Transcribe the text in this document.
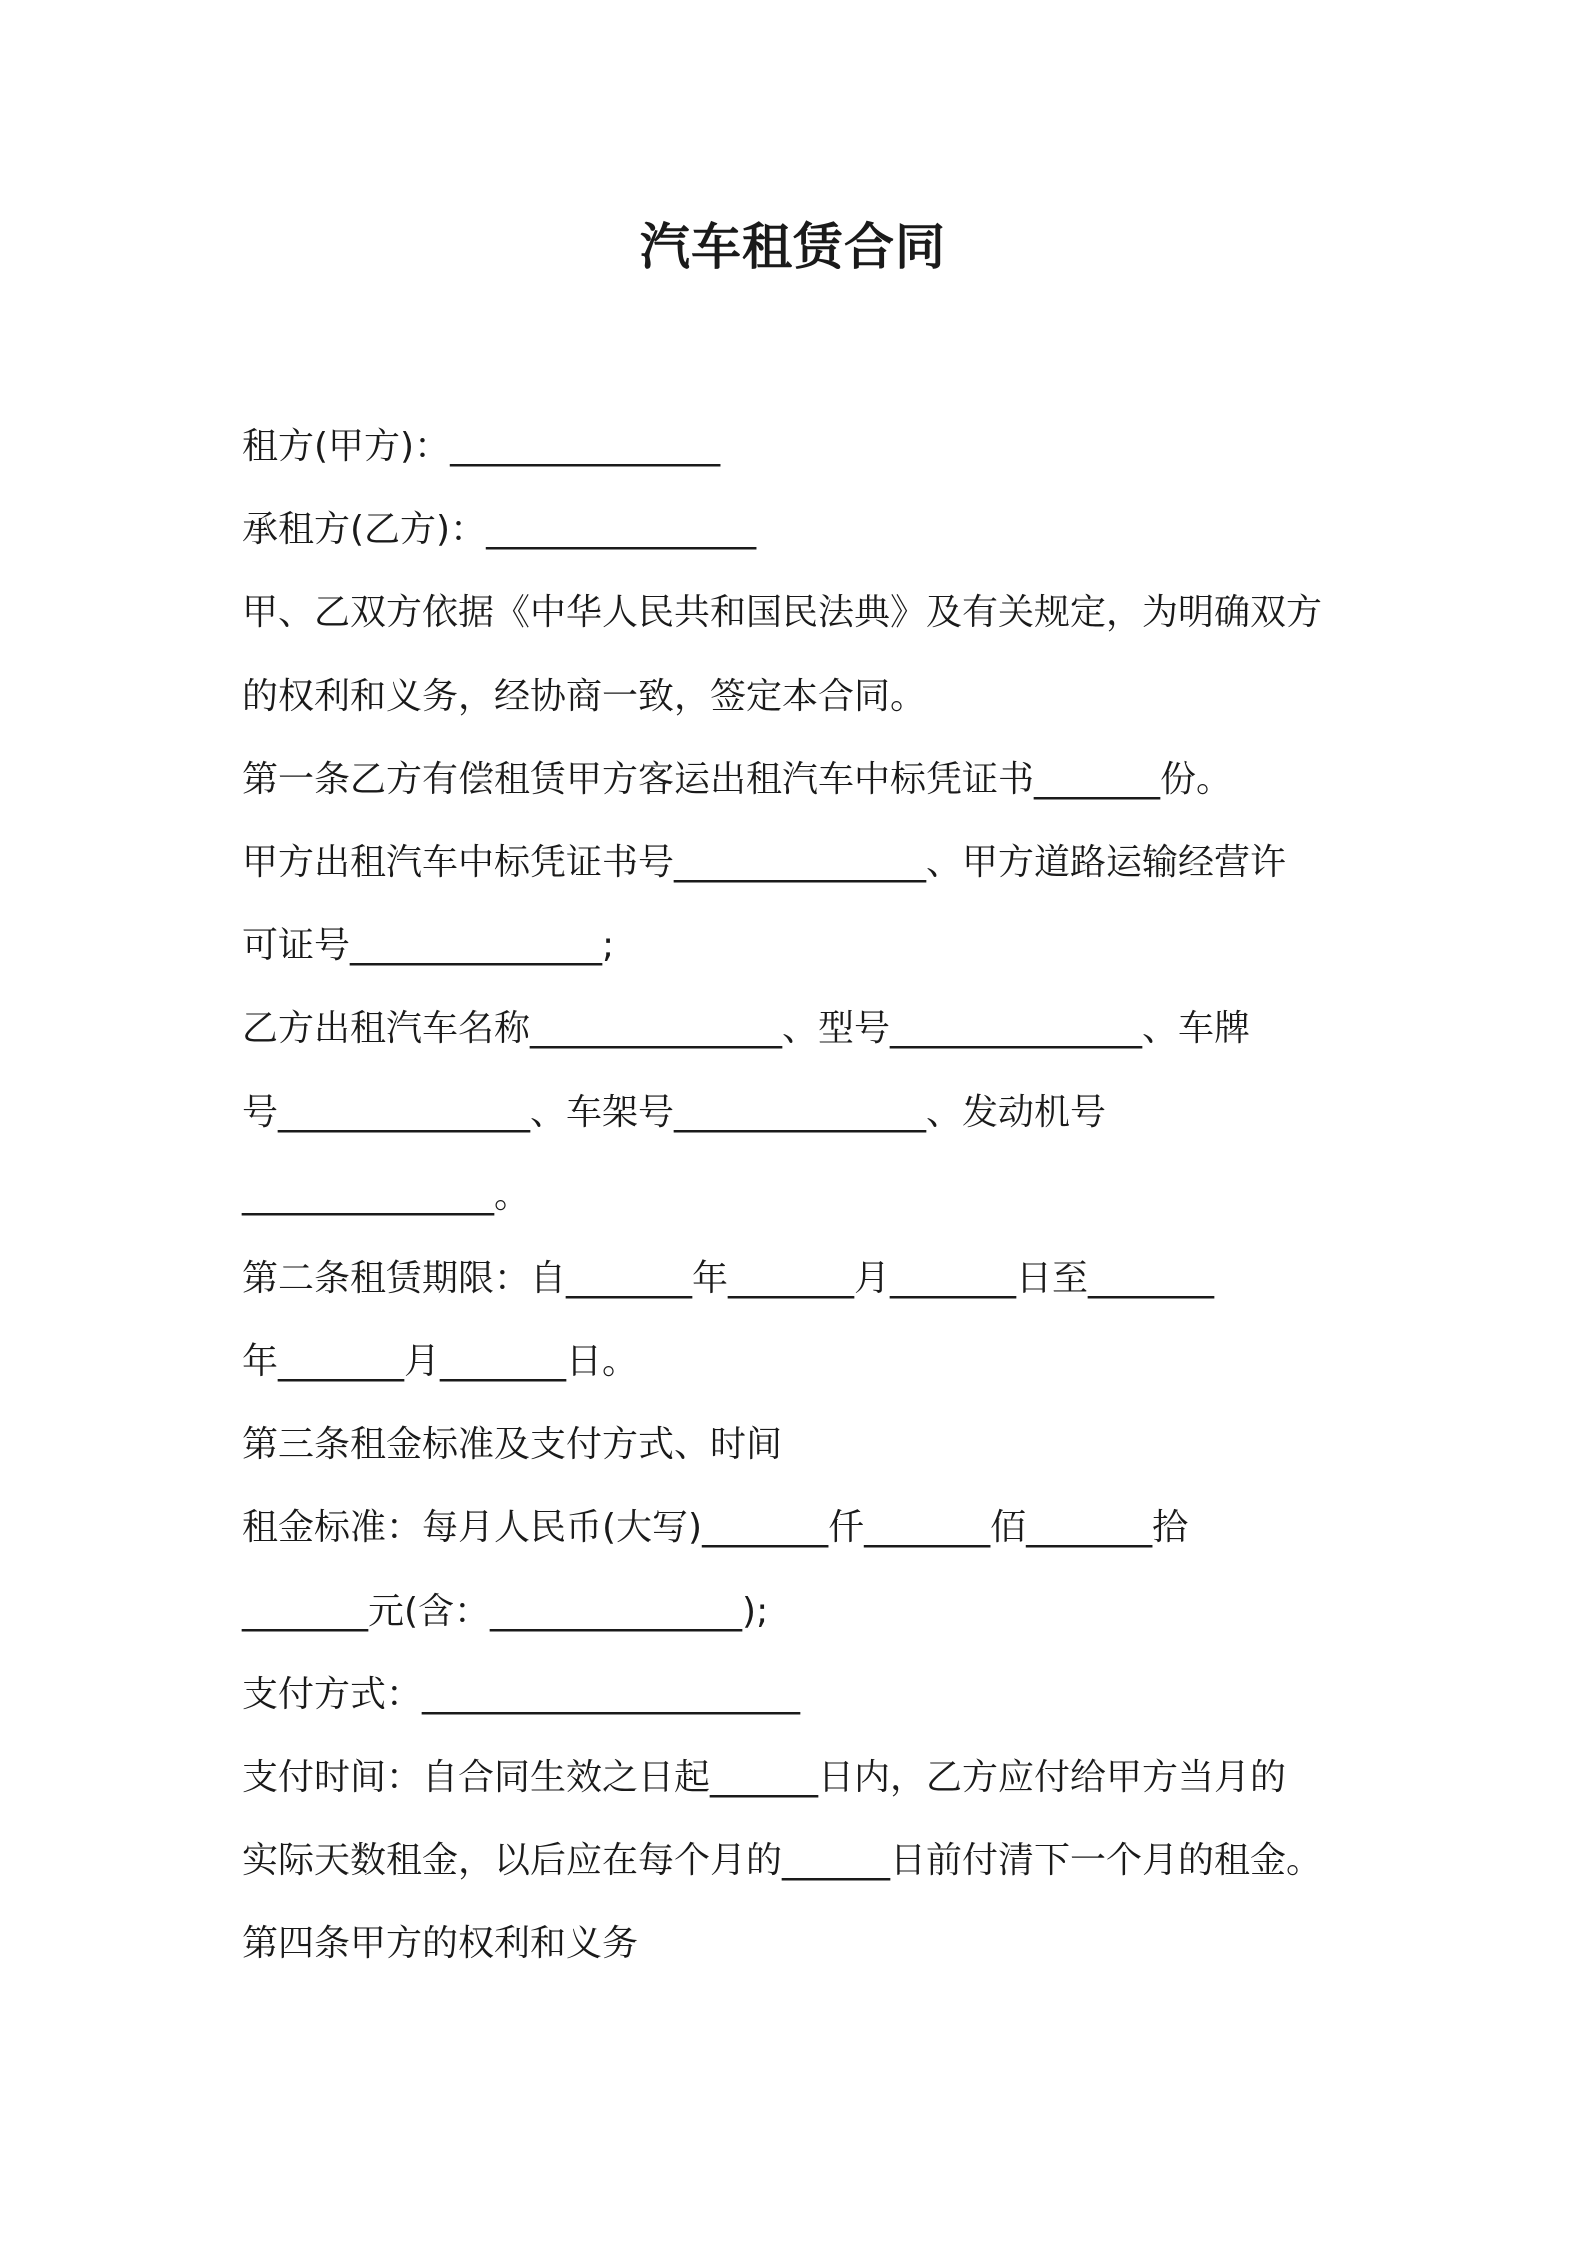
汽车租赁合同
租方(甲方)：_______________
承租方(乙方)：_______________
甲、乙双方依据《中华人民共和国民法典》及有关规定，为明确双方
的权利和义务，经协商一致，签定本合同。
第一条乙方有偿租赁甲方客运出租汽车中标凭证书_______份。
甲方出租汽车中标凭证书号______________、甲方道路运输经营许
可证号______________;
乙方出租汽车名称______________、型号______________、车牌
号______________、车架号______________、发动机号
______________。
第二条租赁期限：自_______年_______月_______日至_______
年_______月_______日。
第三条租金标准及支付方式、时间
租金标准：每月人民币(大写)_______仟_______佰_______拾
_______元(含：______________);
支付方式：_____________________
支付时间：自合同生效之日起______日内，乙方应付给甲方当月的
实际天数租金，以后应在每个月的______日前付清下一个月的租金。
第四条甲方的权利和义务
